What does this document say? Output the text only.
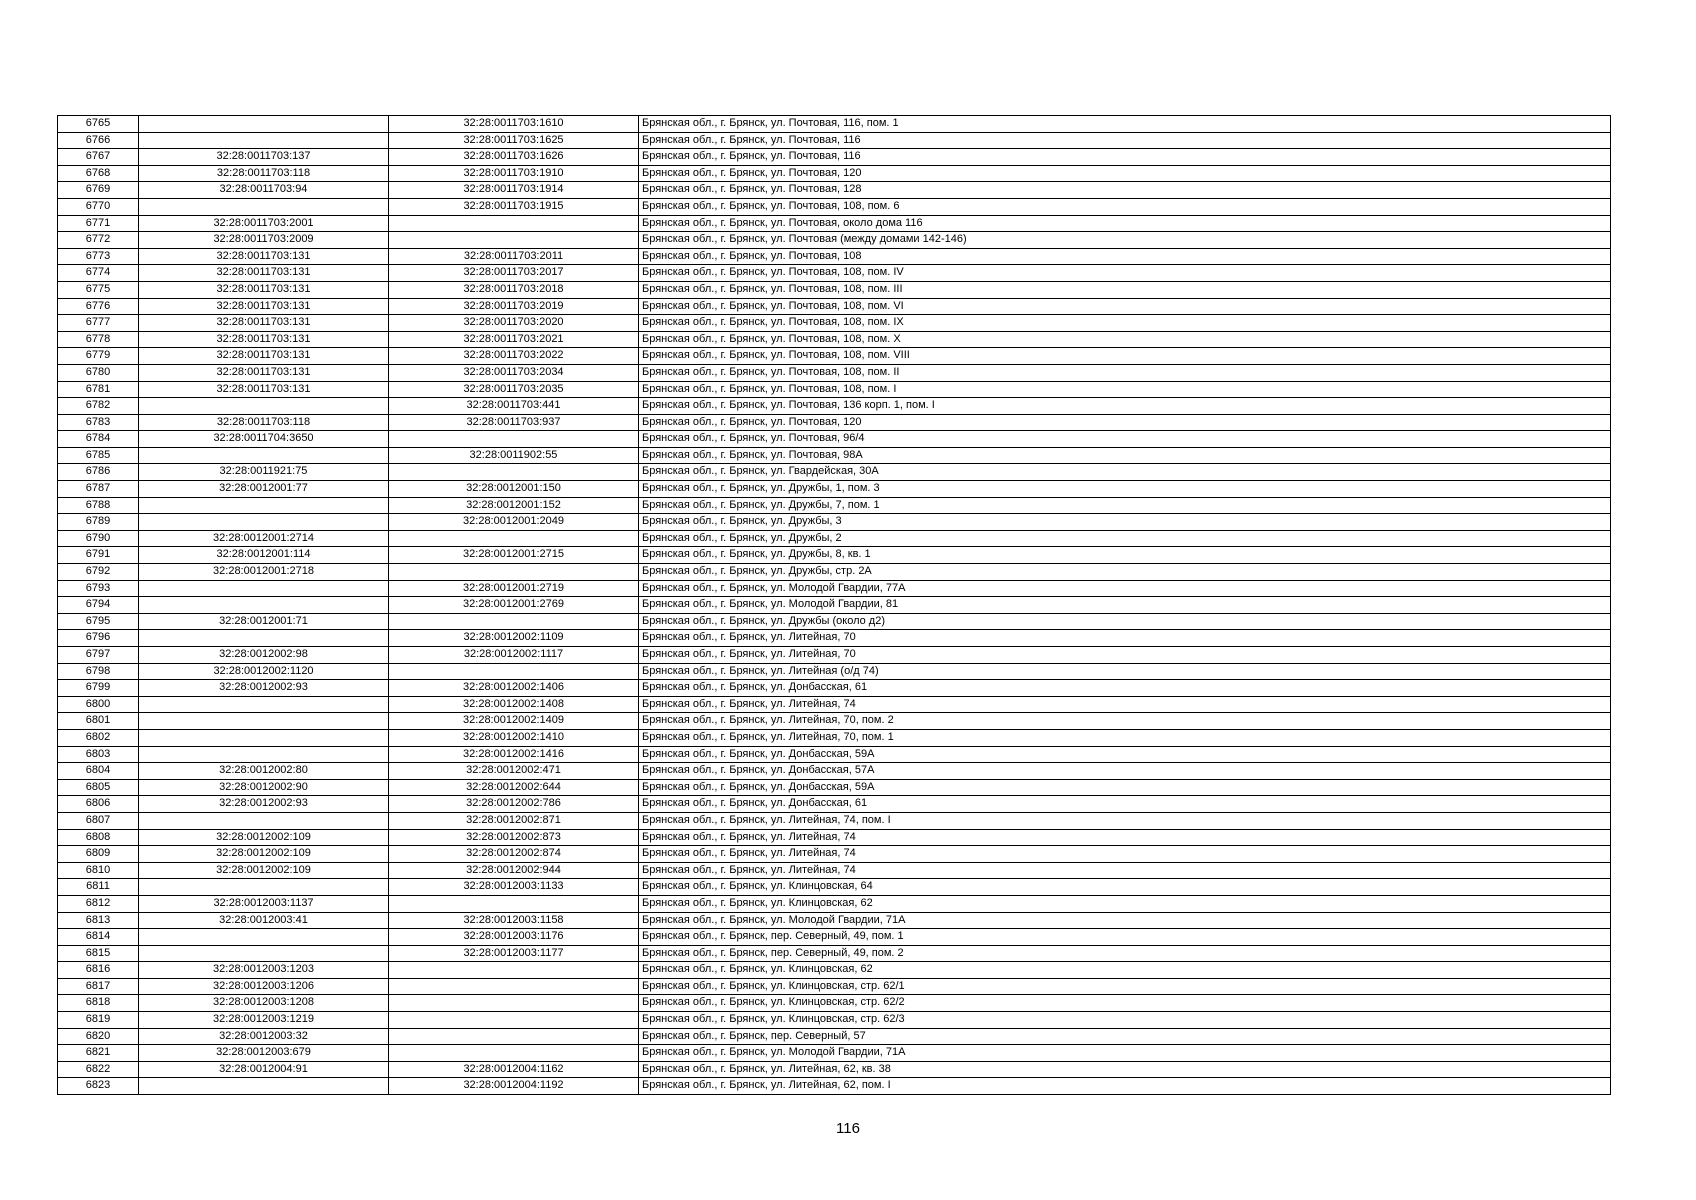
6765		32:28:0011703:1610	Брянская обл., г. Брянск, ул. Почтовая, 116, пом. 1
6766		32:28:0011703:1625	Брянская обл., г. Брянск, ул. Почтовая, 116
6767	32:28:0011703:137	32:28:0011703:1626	Брянская обл., г. Брянск, ул. Почтовая, 116
6768	32:28:0011703:118	32:28:0011703:1910	Брянская обл., г. Брянск, ул. Почтовая, 120
6769	32:28:0011703:94	32:28:0011703:1914	Брянская обл., г. Брянск, ул. Почтовая, 128
6770		32:28:0011703:1915	Брянская обл., г. Брянск, ул. Почтовая, 108, пом. 6
6771	32:28:0011703:2001		Брянская обл., г. Брянск, ул. Почтовая, около дома 116
6772	32:28:0011703:2009		Брянская обл., г. Брянск, ул. Почтовая (между домами 142-146)
6773	32:28:0011703:131	32:28:0011703:2011	Брянская обл., г. Брянск, ул. Почтовая, 108
6774	32:28:0011703:131	32:28:0011703:2017	Брянская обл., г. Брянск, ул. Почтовая, 108, пом. IV
6775	32:28:0011703:131	32:28:0011703:2018	Брянская обл., г. Брянск, ул. Почтовая, 108, пом. III
6776	32:28:0011703:131	32:28:0011703:2019	Брянская обл., г. Брянск, ул. Почтовая, 108, пом. VI
6777	32:28:0011703:131	32:28:0011703:2020	Брянская обл., г. Брянск, ул. Почтовая, 108, пом. IX
6778	32:28:0011703:131	32:28:0011703:2021	Брянская обл., г. Брянск, ул. Почтовая, 108, пом. X
6779	32:28:0011703:131	32:28:0011703:2022	Брянская обл., г. Брянск, ул. Почтовая, 108, пом. VIII
6780	32:28:0011703:131	32:28:0011703:2034	Брянская обл., г. Брянск, ул. Почтовая, 108, пом. II
6781	32:28:0011703:131	32:28:0011703:2035	Брянская обл., г. Брянск, ул. Почтовая, 108, пом. I
6782		32:28:0011703:441	Брянская обл., г. Брянск, ул. Почтовая, 136 корп. 1, пом. I
6783	32:28:0011703:118	32:28:0011703:937	Брянская обл., г. Брянск, ул. Почтовая, 120
6784	32:28:0011704:3650		Брянская обл., г. Брянск, ул. Почтовая, 96/4
6785		32:28:0011902:55	Брянская обл., г. Брянск, ул. Почтовая, 98А
6786	32:28:0011921:75		Брянская обл., г. Брянск, ул. Гвардейская, 30А
6787	32:28:0012001:77	32:28:0012001:150	Брянская обл., г. Брянск, ул. Дружбы, 1, пом. 3
6788		32:28:0012001:152	Брянская обл., г. Брянск, ул. Дружбы, 7, пом. 1
6789		32:28:0012001:2049	Брянская обл., г. Брянск, ул. Дружбы, 3
6790	32:28:0012001:2714		Брянская обл., г. Брянск, ул. Дружбы, 2
6791	32:28:0012001:114	32:28:0012001:2715	Брянская обл., г. Брянск, ул. Дружбы, 8, кв. 1
6792	32:28:0012001:2718		Брянская обл., г. Брянск, ул. Дружбы, стр. 2А
6793		32:28:0012001:2719	Брянская обл., г. Брянск, ул. Молодой Гвардии, 77А
6794		32:28:0012001:2769	Брянская обл., г. Брянск, ул. Молодой Гвардии, 81
6795	32:28:0012001:71		Брянская обл., г. Брянск, ул. Дружбы (около д2)
6796		32:28:0012002:1109	Брянская обл., г. Брянск, ул. Литейная, 70
6797	32:28:0012002:98	32:28:0012002:1117	Брянская обл., г. Брянск, ул. Литейная, 70
6798	32:28:0012002:1120		Брянская обл., г. Брянск, ул. Литейная (о/д 74)
6799	32:28:0012002:93	32:28:0012002:1406	Брянская обл., г. Брянск, ул. Донбасская, 61
6800		32:28:0012002:1408	Брянская обл., г. Брянск, ул. Литейная, 74
6801		32:28:0012002:1409	Брянская обл., г. Брянск, ул. Литейная, 70, пом. 2
6802		32:28:0012002:1410	Брянская обл., г. Брянск, ул. Литейная, 70, пом. 1
6803		32:28:0012002:1416	Брянская обл., г. Брянск, ул. Донбасская, 59А
6804	32:28:0012002:80	32:28:0012002:471	Брянская обл., г. Брянск, ул. Донбасская, 57А
6805	32:28:0012002:90	32:28:0012002:644	Брянская обл., г. Брянск, ул. Донбасская, 59А
6806	32:28:0012002:93	32:28:0012002:786	Брянская обл., г. Брянск, ул. Донбасская, 61
6807		32:28:0012002:871	Брянская обл., г. Брянск, ул. Литейная, 74, пом. I
6808	32:28:0012002:109	32:28:0012002:873	Брянская обл., г. Брянск, ул. Литейная, 74
6809	32:28:0012002:109	32:28:0012002:874	Брянская обл., г. Брянск, ул. Литейная, 74
6810	32:28:0012002:109	32:28:0012002:944	Брянская обл., г. Брянск, ул. Литейная, 74
6811		32:28:0012003:1133	Брянская обл., г. Брянск, ул. Клинцовская, 64
6812	32:28:0012003:1137		Брянская обл., г. Брянск, ул. Клинцовская, 62
6813	32:28:0012003:41	32:28:0012003:1158	Брянская обл., г. Брянск, ул. Молодой Гвардии, 71А
6814		32:28:0012003:1176	Брянская обл., г. Брянск, пер. Северный, 49, пом. 1
6815		32:28:0012003:1177	Брянская обл., г. Брянск, пер. Северный, 49, пом. 2
6816	32:28:0012003:1203		Брянская обл., г. Брянск, ул. Клинцовская, 62
6817	32:28:0012003:1206		Брянская обл., г. Брянск, ул. Клинцовская, стр. 62/1
6818	32:28:0012003:1208		Брянская обл., г. Брянск, ул. Клинцовская, стр. 62/2
6819	32:28:0012003:1219		Брянская обл., г. Брянск, ул. Клинцовская, стр. 62/3
6820	32:28:0012003:32		Брянская обл., г. Брянск, пер. Северный, 57
6821	32:28:0012003:679		Брянская обл., г. Брянск, ул. Молодой Гвардии, 71А
6822	32:28:0012004:91	32:28:0012004:1162	Брянская обл., г. Брянск, ул. Литейная, 62, кв. 38
6823		32:28:0012004:1192	Брянская обл., г. Брянск, ул. Литейная, 62, пом. I
116
